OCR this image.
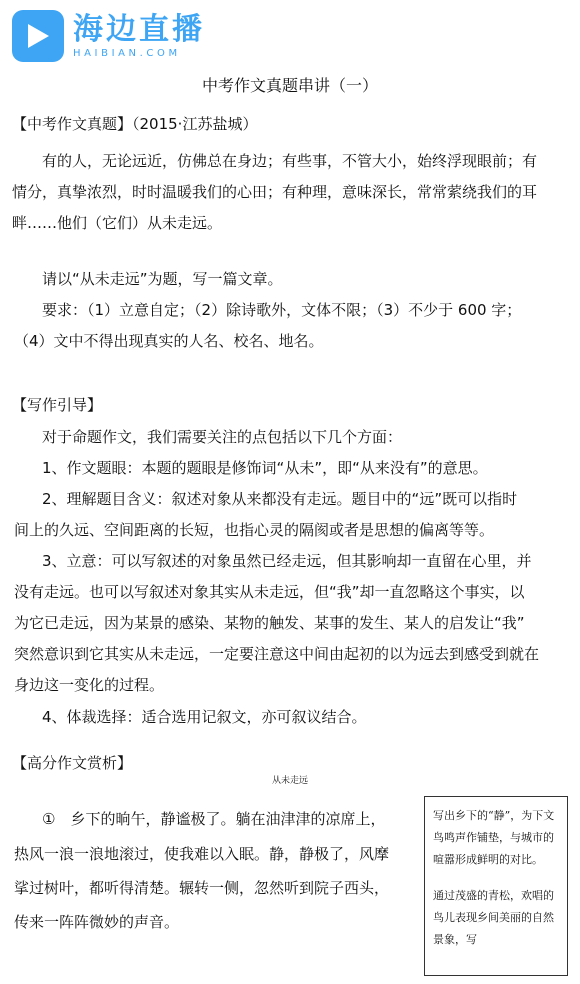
海边直播
HAIBIAN.COM
中考作文真题串讲（一）
【中考作文真题】（2015·江苏盐城）
有的人，无论远近，仿佛总在身边；有些事，不管大小，始终浮现眼前；有
情分，真挚浓烈，时时温暖我们的心田；有种理，意味深长，常常萦绕我们的耳
畔……他们（它们）从未走远。
请以“从未走远”为题，写一篇文章。
要求：（1）立意自定；（2）除诗歌外，文体不限；（3）不少于 600 字；
（4）文中不得出现真实的人名、校名、地名。
【写作引导】
对于命题作文，我们需要关注的点包括以下几个方面：
1、作文题眼：本题的题眼是修饰词“从未”，即“从来没有”的意思。
2、理解题目含义：叙述对象从来都没有走远。题目中的“远”既可以指时
间上的久远、空间距离的长短，也指心灵的隔阂或者是思想的偏离等等。
3、立意：可以写叙述的对象虽然已经走远，但其影响却一直留在心里，并
没有走远。也可以写叙述对象其实从未走远，但“我”却一直忽略这个事实，以
为它已走远，因为某景的感染、某物的触发、某事的发生、某人的启发让“我”
突然意识到它其实从未走远，一定要注意这中间由起初的以为远去到感受到就在
身边这一变化的过程。
4、体裁选择：适合选用记叙文，亦可叙议结合。
【高分作文赏析】
从未走远
①　乡下的晌午，静谧极了。躺在油津津的凉席上，
热风一浪一浪地滚过，使我难以入眠。静，静极了，风摩
挲过树叶，都听得清楚。辗转一侧，忽然听到院子西头，
传来一阵阵微妙的声音。

写出乡下的“静”，为下文鸟鸣声作铺垫，与城市的喧嚣形成鲜明的对比。

通过茂盛的青松，欢唱的鸟儿表现乡间美丽的自然景象，写
